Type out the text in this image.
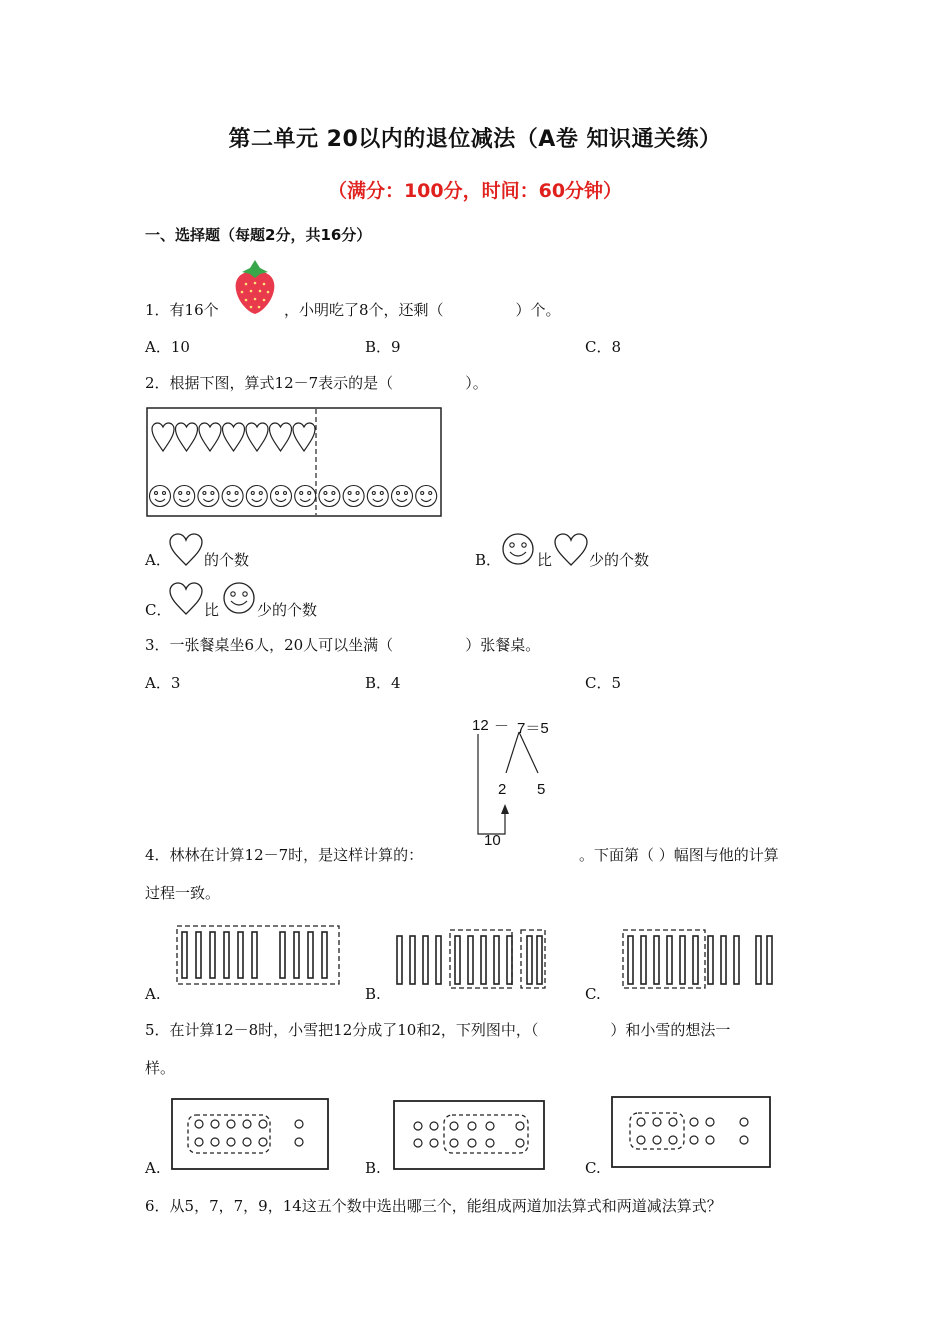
第二单元 20以内的退位减法（A卷 知识通关练）
（满分：100分，时间：60分钟）
一、选择题（每题2分，共16分）
1．有16个	，小明吃了8个，还剩（	）个。
A．10	B．9	C．8
2．根据下图，算式12－7表示的是（	）。
A． 的个数	B． 比 少的个数
C． 比	少的个数
3．一张餐桌坐6人，20人可以坐满（	）张餐桌。
A．3	B．4	C．5
12 － 7＝5
2 5
10
4．林林在计算12－7时，是这样计算的：	。下面第（ ）幅图与他的计算
过程一致。
A.	B.	C.
5．在计算12－8时，小雪把12分成了10和2，下列图中，（	）和小雪的想法一
样。
A.	B.	C.
6．从5，7，7，9，14这五个数中选出哪三个，能组成两道加法算式和两道减法算式？
